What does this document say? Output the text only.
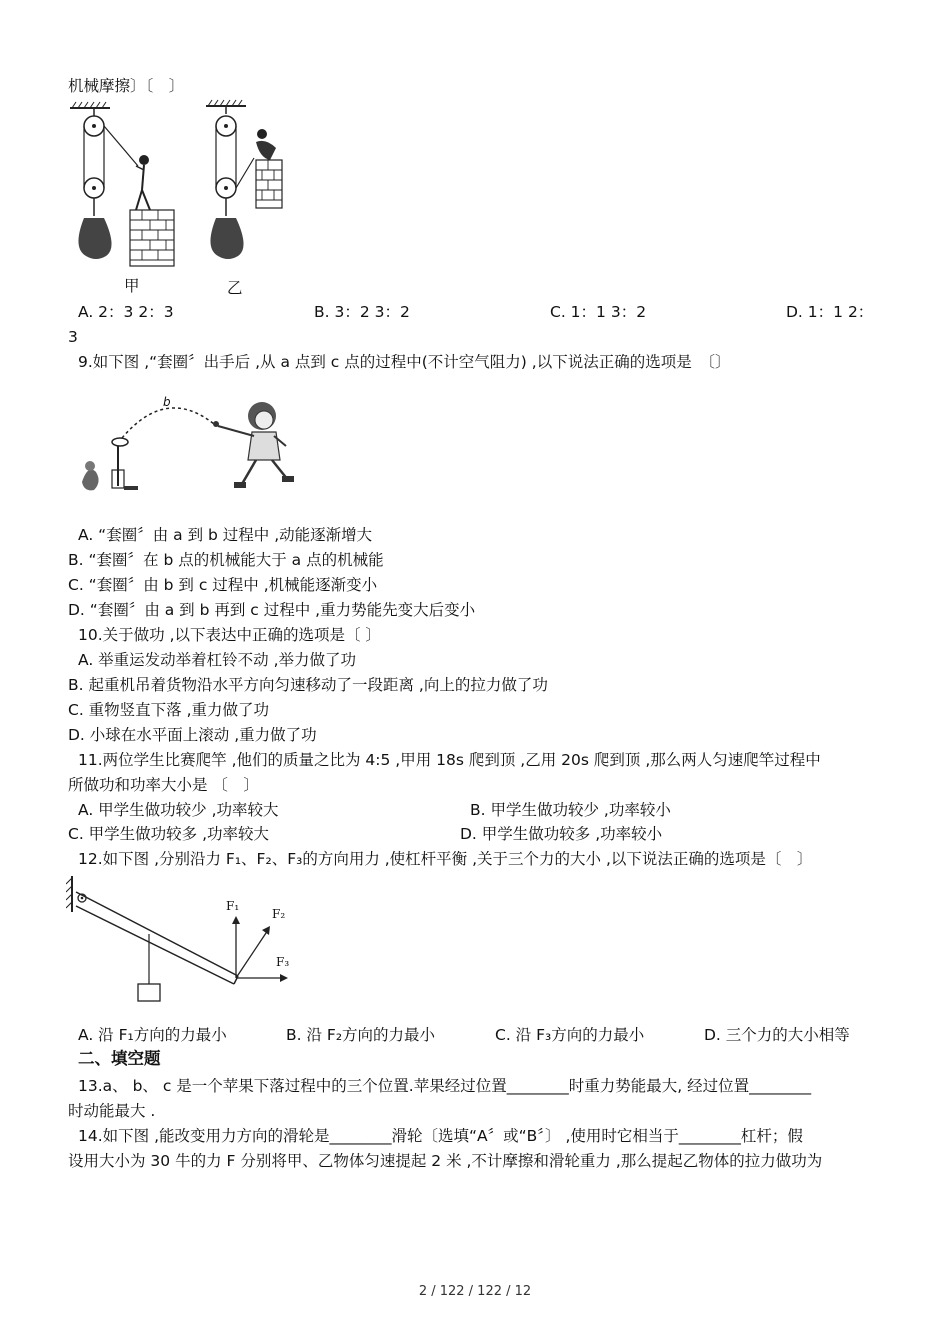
机械摩擦〕〔　〕
甲	乙
A. 2：3 2：3	B. 3：2 3：2	C. 1：1 3：2	D. 1：1 2：
3
9.如下图 ,“套圈〞出手后 ,从 a 点到 c 点的过程中(不计空气阻力) ,以下说法正确的选项是　〔〕
b
A. “套圈〞由 a 到 b 过程中 ,动能逐渐增大
B. “套圈〞在 b 点的机械能大于 a 点的机械能
C. “套圈〞由 b 到 c 过程中 ,机械能逐渐变小
D. “套圈〞由 a 到 b 再到 c 过程中 ,重力势能先变大后变小
10.关于做功 ,以下表达中正确的选项是〔 〕
A. 举重运发动举着杠铃不动 ,举力做了功
B. 起重机吊着货物沿水平方向匀速移动了一段距离 ,向上的拉力做了功
C. 重物竖直下落 ,重力做了功
D. 小球在水平面上滚动 ,重力做了功
11.两位学生比赛爬竿 ,他们的质量之比为 4:5 ,甲用 18s 爬到顶 ,乙用 20s 爬到顶 ,那么两人匀速爬竿过程中
所做功和功率大小是 〔　〕
A. 甲学生做功较少 ,功率较大	B. 甲学生做功较少 ,功率较小
C. 甲学生做功较多 ,功率较大	D. 甲学生做功较多 ,功率较小
12.如下图 ,分别沿力 F₁、F₂、F₃的方向用力 ,使杠杆平衡 ,关于三个力的大小 ,以下说法正确的选项是〔　〕
F₁
F₂
F₃
A. 沿 F₁方向的力最小	B. 沿 F₂方向的力最小	C. 沿 F₃方向的力最小	D. 三个力的大小相等
二、填空题
13.a、 b、 c 是一个苹果下落过程中的三个位置.苹果经过位置________时重力势能最大, 经过位置________
时动能最大 .
14.如下图 ,能改变用力方向的滑轮是________滑轮〔选填“A〞或“B〞〕 ,使用时它相当于________杠杆；假
设用大小为 30 牛的力 F 分别将甲、乙物体匀速提起 2 米 ,不计摩擦和滑轮重力 ,那么提起乙物体的拉力做功为
2 / 122 / 122 / 12
